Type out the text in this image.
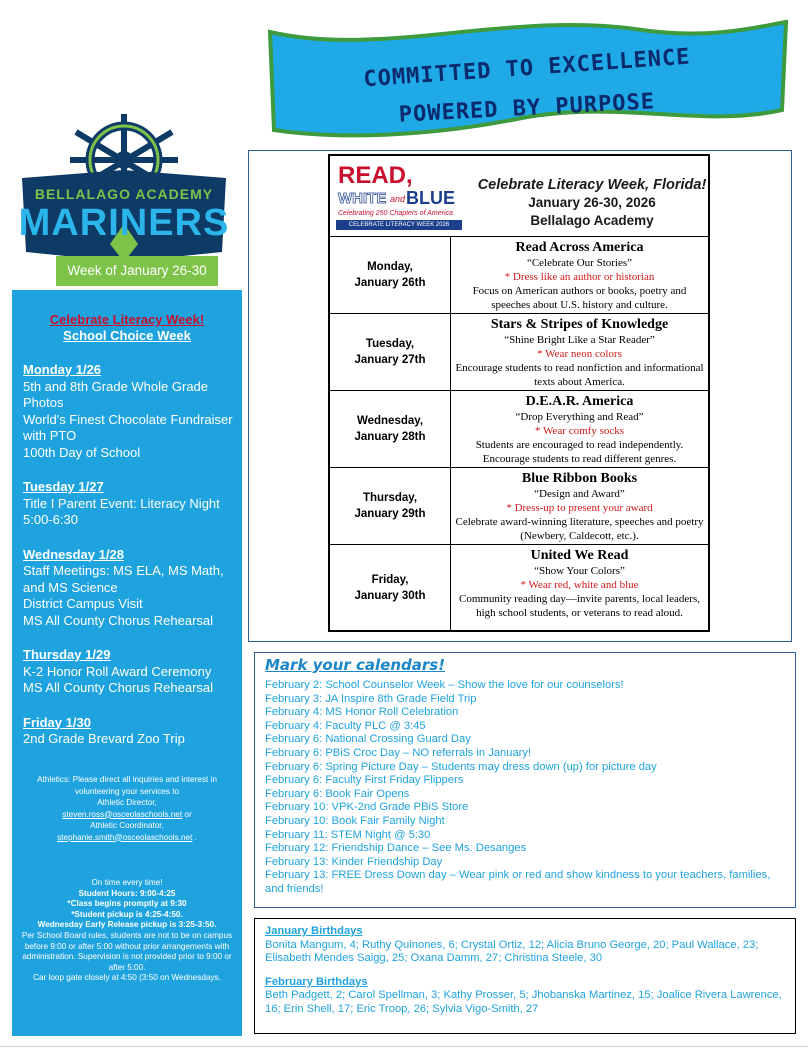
COMMITTED TO EXCELLENCE
POWERED BY PURPOSE
BELLALAGO ACADEMY
MARINERS
Week of January 26-30
Celebrate Literacy Week!
School Choice Week
Monday 1/26
5th and 8th Grade Whole Grade Photos
World's Finest Chocolate Fundraiser with PTO
100th Day of School
Tuesday 1/27
Title I Parent Event: Literacy Night 5:00-6:30
Wednesday 1/28
Staff Meetings: MS ELA, MS Math, and MS Science
District Campus Visit
MS All County Chorus Rehearsal
Thursday 1/29
K-2 Honor Roll Award Ceremony
MS All County Chorus Rehearsal
Friday 1/30
2nd Grade Brevard Zoo Trip
Athletics: Please direct all inquiries and interest in volunteering your services to
Athletic Director,
steven.ross@osceolaschools.net or
Athletic Coordinator,
stephanie.smith@osceolaschools.net .
On time every time!
Student Hours: 9:00-4:25
*Class begins promptly at 9:30
*Student pickup is 4:25-4:50.
Wednesday Early Release pickup is 3:25-3:50.
Per School Board rules, students are not to be on campus before 9:00 or after 5:00 without prior arrangements with administration. Supervision is not provided prior to 9:00 or after 5:00.
Car loop gate closely at 4:50 (3:50 on Wednesdays.
READ,
WHITE and BLUE
Celebrating 250 Chapters of America
CELEBRATE LITERACY WEEK 2026
Celebrate Literacy Week, Florida!
January 26-30, 2026
Bellalago Academy
Monday,
January 26th
Read Across America
“Celebrate Our Stories”
* Dress like an author or historian
Focus on American authors or books, poetry and speeches about U.S. history and culture.
Tuesday,
January 27th
Stars & Stripes of Knowledge
“Shine Bright Like a Star Reader”
* Wear neon colors
Encourage students to read nonfiction and informational texts about America.
Wednesday,
January 28th
D.E.A.R. America
“Drop Everything and Read”
* Wear comfy socks
Students are encouraged to read independently. Encourage students to read different genres.
Thursday,
January 29th
Blue Ribbon Books
“Design and Award”
* Dress-up to present your award
Celebrate award-winning literature, speeches and poetry (Newbery, Caldecott, etc.).
Friday,
January 30th
United We Read
“Show Your Colors”
* Wear red, white and blue
Community reading day—invite parents, local leaders, high school students, or veterans to read aloud.
Mark your calendars!
February 2: School Counselor Week – Show the love for our counselors!
February 3: JA Inspire 8th Grade Field Trip
February 4: MS Honor Roll Celebration
February 4: Faculty PLC @ 3:45
February 6: National Crossing Guard Day
February 6: PBiS Croc Day – NO referrals in January!
February 6: Spring Picture Day – Students may dress down (up) for picture day
February 6: Faculty First Friday Flippers
February 6: Book Fair Opens
February 10: VPK-2nd Grade PBiS Store
February 10: Book Fair Family Night
February 11: STEM Night @ 5:30
February 12: Friendship Dance – See Ms. Desanges
February 13: Kinder Friendship Day
February 13: FREE Dress Down day – Wear pink or red and show kindness to your teachers, families, and friends!
January Birthdays
Bonita Mangum, 4; Ruthy Quinones, 6; Crystal Ortiz, 12; Alicia Bruno George, 20; Paul Wallace, 23; Elisabeth Mendes Saigg, 25; Oxana Damm, 27; Christina Steele, 30
February Birthdays
Beth Padgett, 2; Carol Spellman, 3; Kathy Prosser, 5; Jhobanska Martinez, 15; Joalice Rivera Lawrence, 16; Erin Shell, 17; Eric Troop, 26; Sylvia Vigo-Smith, 27
